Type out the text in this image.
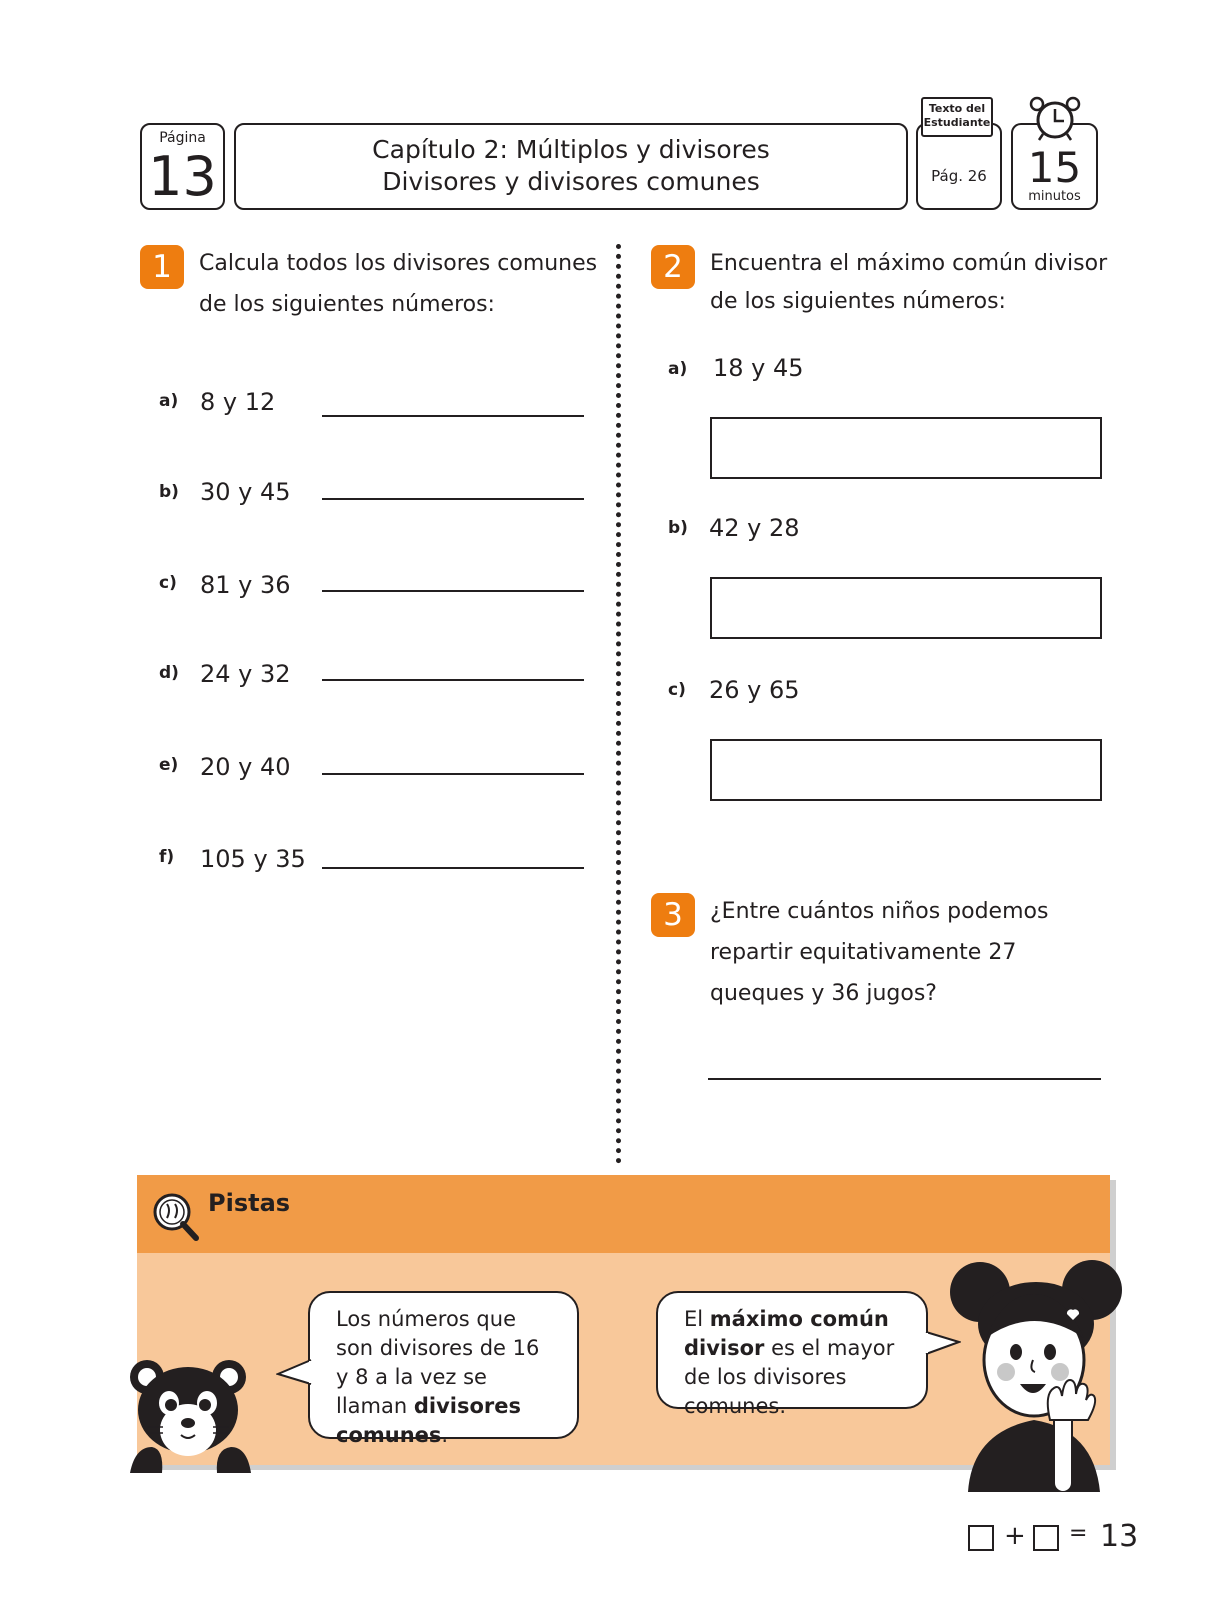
Página
13	Capítulo 2: Múltiplos y divisores
Divisores y divisores comunes	Pág. 26
Texto del
Estudiante
15
minutos
1	Calcula todos los divisores comunes
de los siguientes números:
a) 8 y 12
b) 30 y 45
c) 81 y 36
d) 24 y 32
e) 20 y 40
f) 105 y 35
2	Encuentra el máximo común divisor
de los siguientes números:
a) 18 y 45
b) 42 y 28
c) 26 y 65
3	¿Entre cuántos niños podemos
repartir equitativamente 27
queques y 36 jugos?
Pistas
Los números que son divisores de 16 y 8 a la vez se llaman divisores comunes.
El máximo común divisor es el mayor de los divisores comunes.
+ = 13
